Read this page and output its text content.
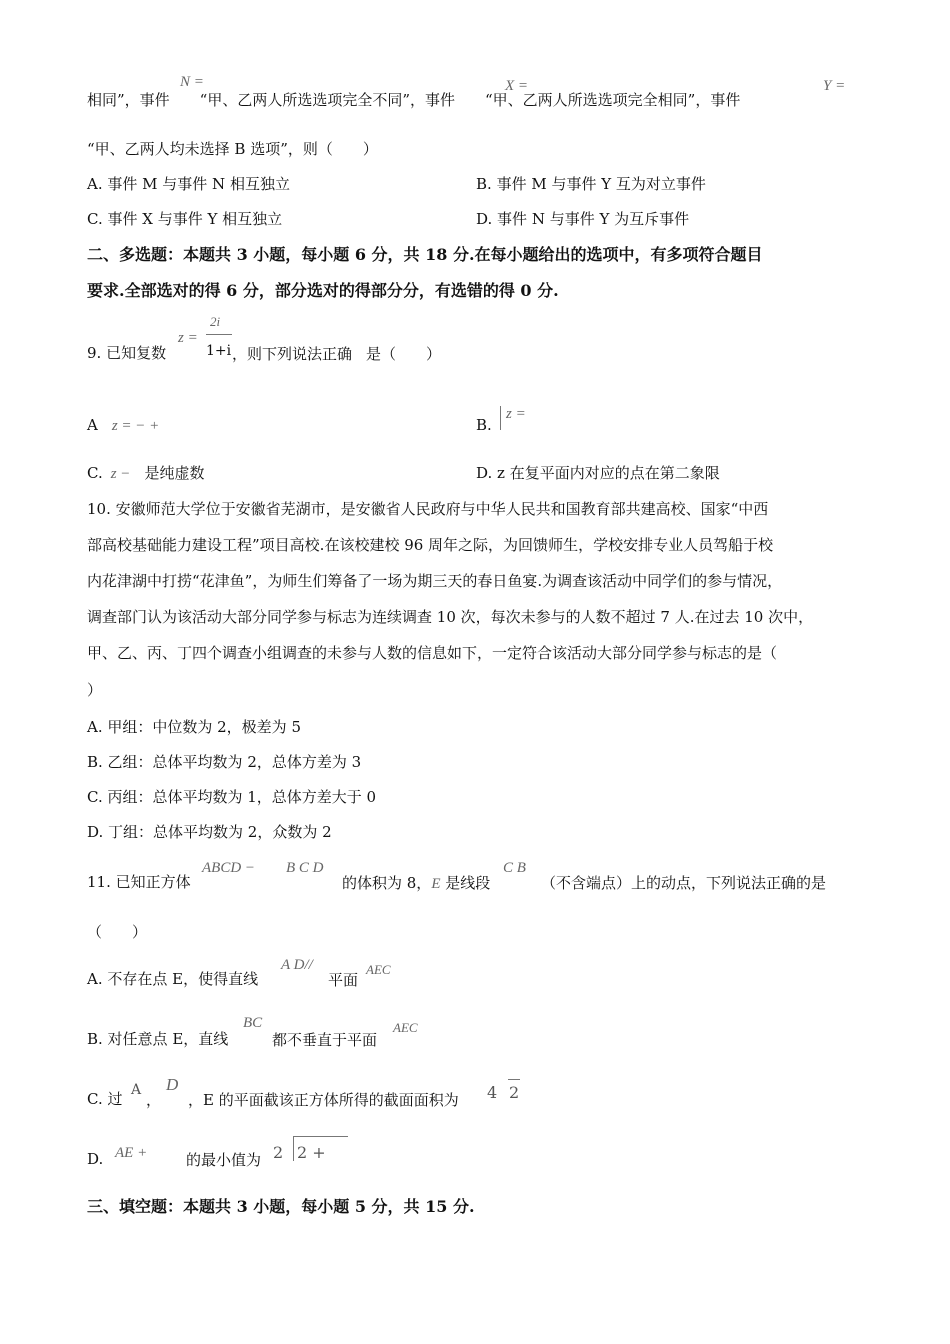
N =	X =	Y =
相同”，事件 “甲、乙两人所选选项完全不同”，事件 “甲、乙两人所选选项完全相同”，事件
“甲、乙两人均未选择 B 选项”，则（　　）
A. 事件 M 与事件 N 相互独立	B. 事件 M 与事件 Y 互为对立事件
C. 事件 X 与事件 Y 相互独立	D. 事件 N 与事件 Y 为互斥事件
二、多选题：本题共 3 小题，每小题 6 分，共 18 分.在每小题给出的选项中，有多项符合题目
要求.全部选对的得 6 分，部分选对的得部分分，有选错的得 0 分.
9. 已知复数
z =
2i
1+i ，则下列说法正确 是（　　）
A z = − +	B.
z =
C. z − 是纯虚数	D. z 在复平面内对应的点在第二象限
10. 安徽师范大学位于安徽省芜湖市，是安徽省人民政府与中华人民共和国教育部共建高校、国家“中西
部高校基础能力建设工程”项目高校.在该校建校 96 周年之际，为回馈师生，学校安排专业人员驾船于校
内花津湖中打捞“花津鱼”，为师生们筹备了一场为期三天的春日鱼宴.为调查该活动中同学们的参与情况，
调查部门认为该活动大部分同学参与标志为连续调查 10 次，每次未参与的人数不超过 7 人.在过去 10 次中，
甲、乙、丙、丁四个调查小组调查的未参与人数的信息如下，一定符合该活动大部分同学参与标志的是（
）
A. 甲组：中位数为 2，极差为 5
B. 乙组：总体平均数为 2，总体方差为 3
C. 丙组：总体平均数为 1，总体方差大于 0
D. 丁组：总体平均数为 2，众数为 2
11. 已知正方体
ABCD − B C D
的体积为 8，E 是线段
C B
（不含端点）上的动点，下列说法正确的是
（　　）
A. 不存在点 E，使得直线
A D//
平面
AEC
B. 对任意点 E，直线
BC
都不垂直于平面
AEC
C. 过 A
，
D
，E 的平面截该正方体所得的截面面积为 4 2
D. AE +	的最小值为 2 2 +
三、填空题：本题共 3 小题，每小题 5 分，共 15 分.
